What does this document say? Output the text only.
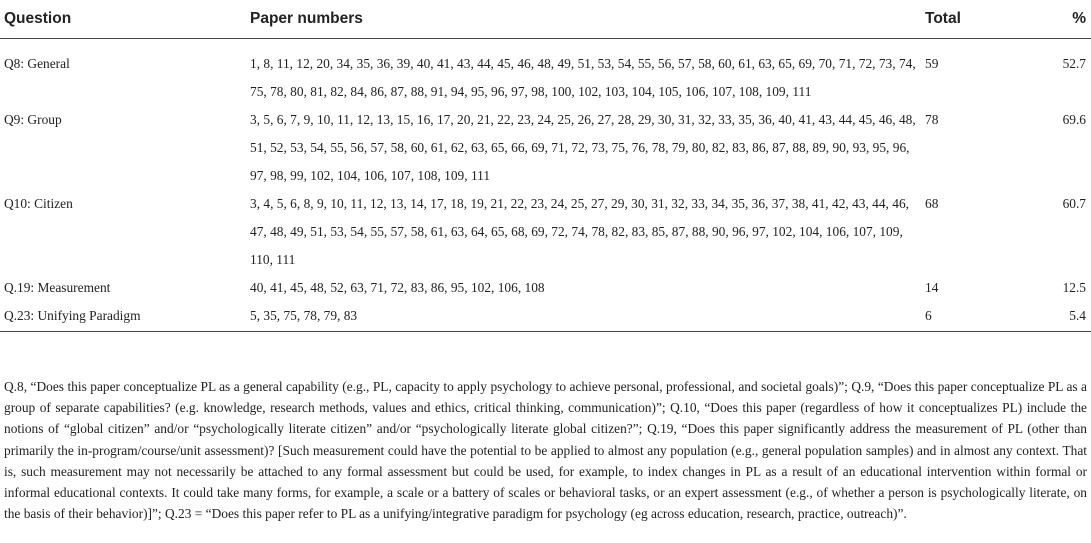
Question	Paper numbers	Total	%
Q8: General	1, 8, 11, 12, 20, 34, 35, 36, 39, 40, 41, 43, 44, 45, 46, 48, 49, 51, 53, 54, 55, 56, 57, 58, 60, 61, 63, 65, 69, 70, 71, 72, 73, 74, 75, 78, 80, 81, 82, 84, 86, 87, 88, 91, 94, 95, 96, 97, 98, 100, 102, 103, 104, 105, 106, 107, 108, 109, 111	59	52.7
Q9: Group	3, 5, 6, 7, 9, 10, 11, 12, 13, 15, 16, 17, 20, 21, 22, 23, 24, 25, 26, 27, 28, 29, 30, 31, 32, 33, 35, 36, 40, 41, 43, 44, 45, 46, 48, 51, 52, 53, 54, 55, 56, 57, 58, 60, 61, 62, 63, 65, 66, 69, 71, 72, 73, 75, 76, 78, 79, 80, 82, 83, 86, 87, 88, 89, 90, 93, 95, 96, 97, 98, 99, 102, 104, 106, 107, 108, 109, 111	78	69.6
Q10: Citizen	3, 4, 5, 6, 8, 9, 10, 11, 12, 13, 14, 17, 18, 19, 21, 22, 23, 24, 25, 27, 29, 30, 31, 32, 33, 34, 35, 36, 37, 38, 41, 42, 43, 44, 46, 47, 48, 49, 51, 53, 54, 55, 57, 58, 61, 63, 64, 65, 68, 69, 72, 74, 78, 82, 83, 85, 87, 88, 90, 96, 97, 102, 104, 106, 107, 109, 110, 111	68	60.7
Q.19: Measurement	40, 41, 45, 48, 52, 63, 71, 72, 83, 86, 95, 102, 106, 108	14	12.5
Q.23: Unifying Paradigm	5, 35, 75, 78, 79, 83	6	5.4

Q.8, “Does this paper conceptualize PL as a general capability (e.g., PL, capacity to apply psychology to achieve personal, professional, and societal goals)”; Q.9, “Does this paper conceptualize PL as a group of separate capabilities? (e.g. knowledge, research methods, values and ethics, critical thinking, communication)”; Q.10, “Does this paper (regardless of how it conceptualizes PL) include the notions of “global citizen” and/or “psychologically literate citizen” and/or “psychologically literate global citizen?”; Q.19, “Does this paper significantly address the measurement of PL (other than primarily the in-program/course/unit assessment)? [Such measurement could have the potential to be applied to almost any population (e.g., general population samples) and in almost any context. That is, such measurement may not necessarily be attached to any formal assessment but could be used, for example, to index changes in PL as a result of an educational intervention within formal or informal educational contexts. It could take many forms, for example, a scale or a battery of scales or behavioral tasks, or an expert assessment (e.g., of whether a person is psychologically literate, on the basis of their behavior)]”; Q.23 = “Does this paper refer to PL as a unifying/integrative paradigm for psychology (eg across education, research, practice, outreach)”.
